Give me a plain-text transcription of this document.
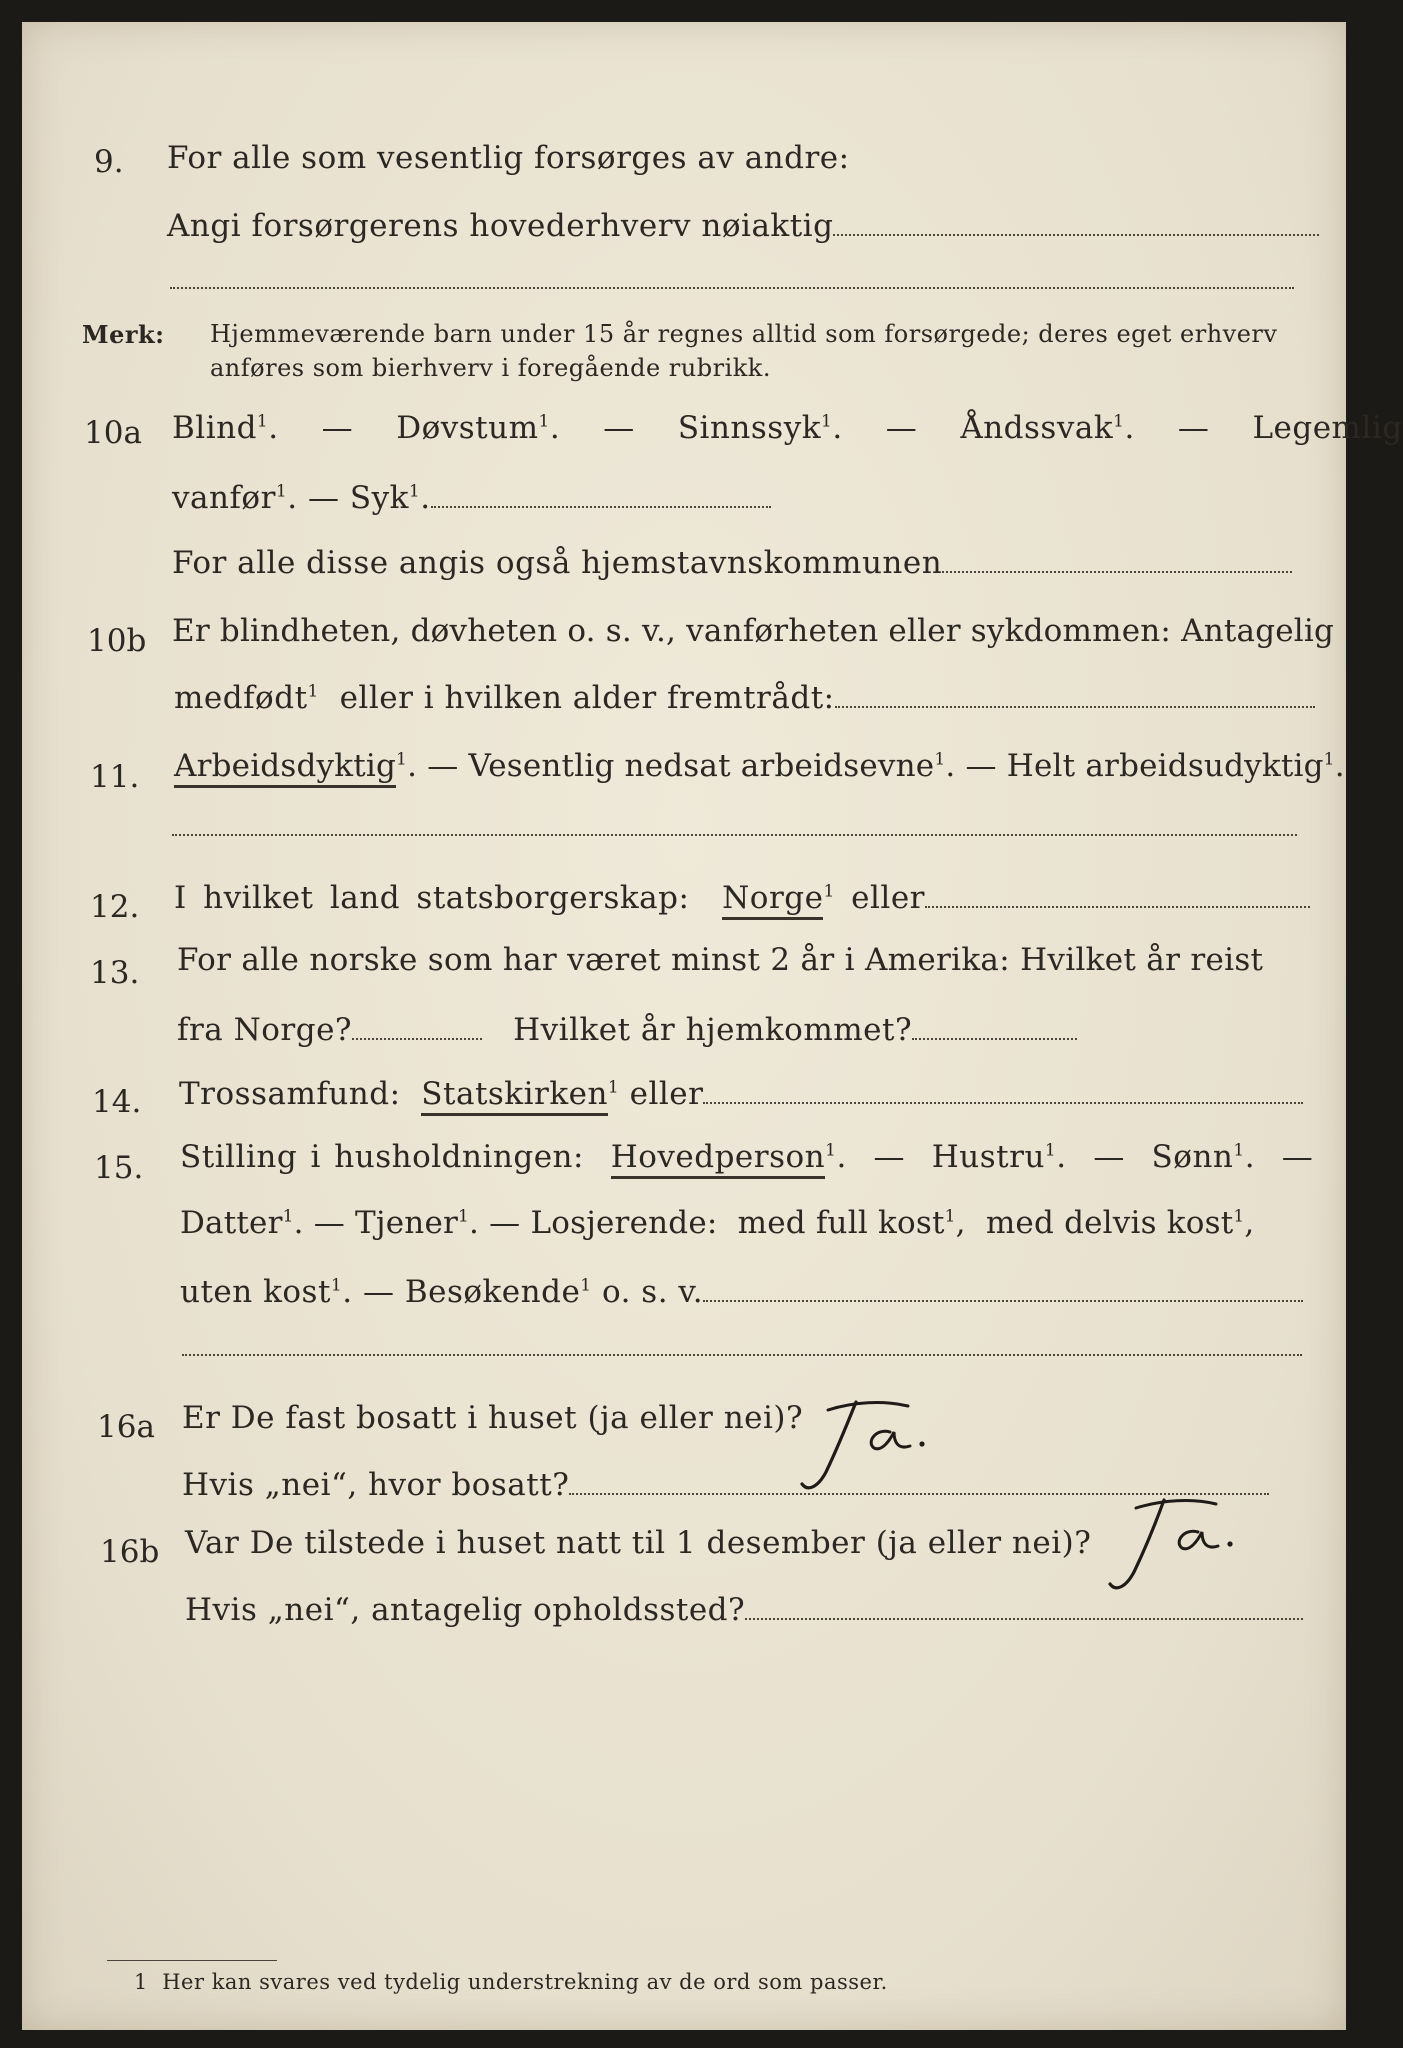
9. For alle som vesentlig forsørges av andre:
Angi forsørgerens hovederhverv nøiaktig
Merk: Hjemmeværende barn under 15 år regnes alltid som forsørgede; deres eget erhverv
anføres som bierhverv i foregående rubrikk.
10a Blind$^1$. — Døvstum$^1$. — Sinnssyk$^1$. — Åndssvak$^1$. — Legemlig
vanfør$^1$. — Syk$^1$.
For alle disse angis også hjemstavnskommunen
10b Er blindheten, døvheten o. s. v., vanførheten eller sykdommen: Antagelig
medfødt$^1$ eller i hvilken alder fremtrådt:
11. Arbeidsdyktig$^1$. — Vesentlig nedsat arbeidsevne$^1$. — Helt arbeidsudyktig$^1$.
12. I hvilket land statsborgerskap: Norge$^1$ eller
13. For alle norske som har været minst 2 år i Amerika: Hvilket år reist
fra Norge?	Hvilket år hjemkommet?
14. Trossamfund: Statskirken$^1$ eller
15. Stilling i husholdningen: Hovedperson$^1$. — Hustru$^1$. — Sønn$^1$. —
Datter$^1$. — Tjener$^1$. — Losjerende: med full kost$^1$,  med delvis kost$^1$,
uten kost$^1$. — Besøkende$^1$ o. s. v.
16a Er De fast bosatt i huset (ja eller nei)?
Hvis „nei“, hvor bosatt?
16b Var De tilstede i huset natt til 1 desember (ja eller nei)?
Hvis „nei“, antagelig opholdssted?
1 Her kan svares ved tydelig understrekning av de ord som passer.
